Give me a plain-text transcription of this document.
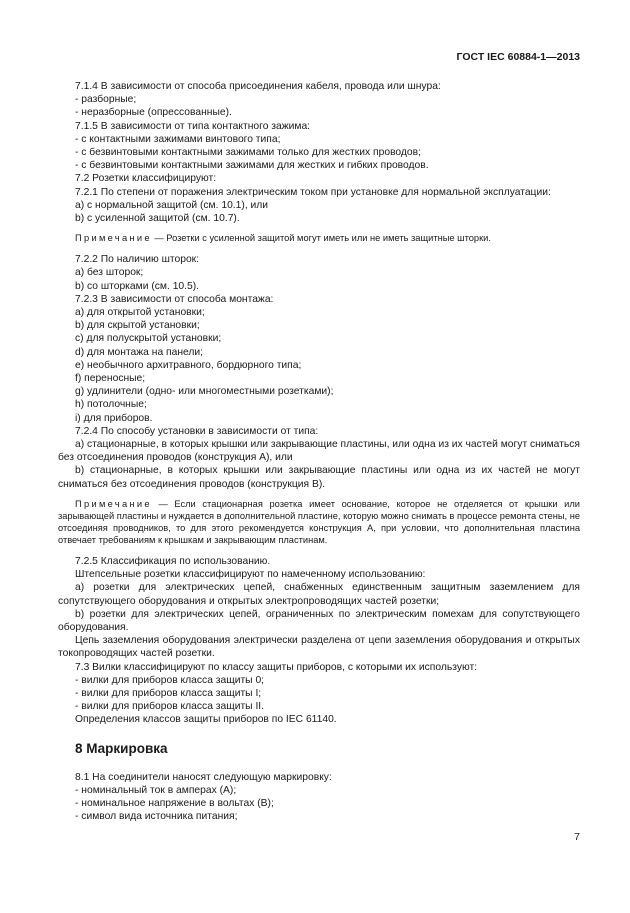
ГОСТ IEC 60884-1—2013

7.1.4 В зависимости от способа присоединения кабеля, провода или шнура:

- разборные;

- неразборные (опрессованные).

7.1.5 В зависимости от типа контактного зажима:

- с контактными зажимами винтового типа;

- с безвинтовыми контактными зажимами только для жестких проводов;

- с безвинтовыми контактными зажимами для жестких и гибких проводов.

7.2 Розетки классифицируют:

7.2.1 По степени от поражения электрическим током при установке для нормальной эксплуатации:

a) с нормальной защитой (см. 10.1), или

b) с усиленной защитой (см. 10.7).

Примечание — Розетки с усиленной защитой могут иметь или не иметь защитные шторки.

7.2.2 По наличию шторок:

a) без шторок;

b) со шторками (см. 10.5).

7.2.3 В зависимости от способа монтажа:

a) для открытой установки;

b) для скрытой установки;

c) для полускрытой установки;

d) для монтажа на панели;

e) необычного архитравного, бордюрного типа;

f) переносные;

g) удлинители (одно- или многоместными розетками);

h) потолочные;

i) для приборов.

7.2.4 По способу установки в зависимости от типа:

a) стационарные, в которых крышки или закрывающие пластины, или одна из их частей могут сниматься без отсоединения проводов (конструкция А), или

b) стационарные, в которых крышки или закрывающие пластины или одна из их частей не могут сниматься без отсоединения проводов (конструкция В).

Примечание — Если стационарная розетка имеет основание, которое не отделяется от крышки или зарывающей пластины и нуждается в дополнительной пластине, которую можно снимать в процессе ремонта стены, не отсоединяя проводников, то для этого рекомендуется конструкция А, при условии, что дополнительная пластина отвечает требованиям к крышкам и закрывающим пластинам.

7.2.5 Классификация по использованию.

Штепсельные розетки классифицируют по намеченному использованию:

a) розетки для электрических цепей, снабженных единственным защитным заземлением для сопутствующего оборудования и открытых электропроводящих частей розетки;

b) розетки для электрических цепей, ограниченных по электрическим помехам для сопутствующего оборудования.

Цепь заземления оборудования электрически разделена от цепи заземления оборудования и открытых токопроводящих частей розетки.

7.3 Вилки классифицируют по классу защиты приборов, с которыми их используют:

- вилки для приборов класса защиты 0;

- вилки для приборов класса защиты I;

- вилки для приборов класса защиты II.

Определения классов защиты приборов по IEC 61140.

8 Маркировка

8.1 На соединители наносят следующую маркировку:

- номинальный ток в амперах (А);

- номинальное напряжение в вольтах (В);

- символ вида источника питания;

7
